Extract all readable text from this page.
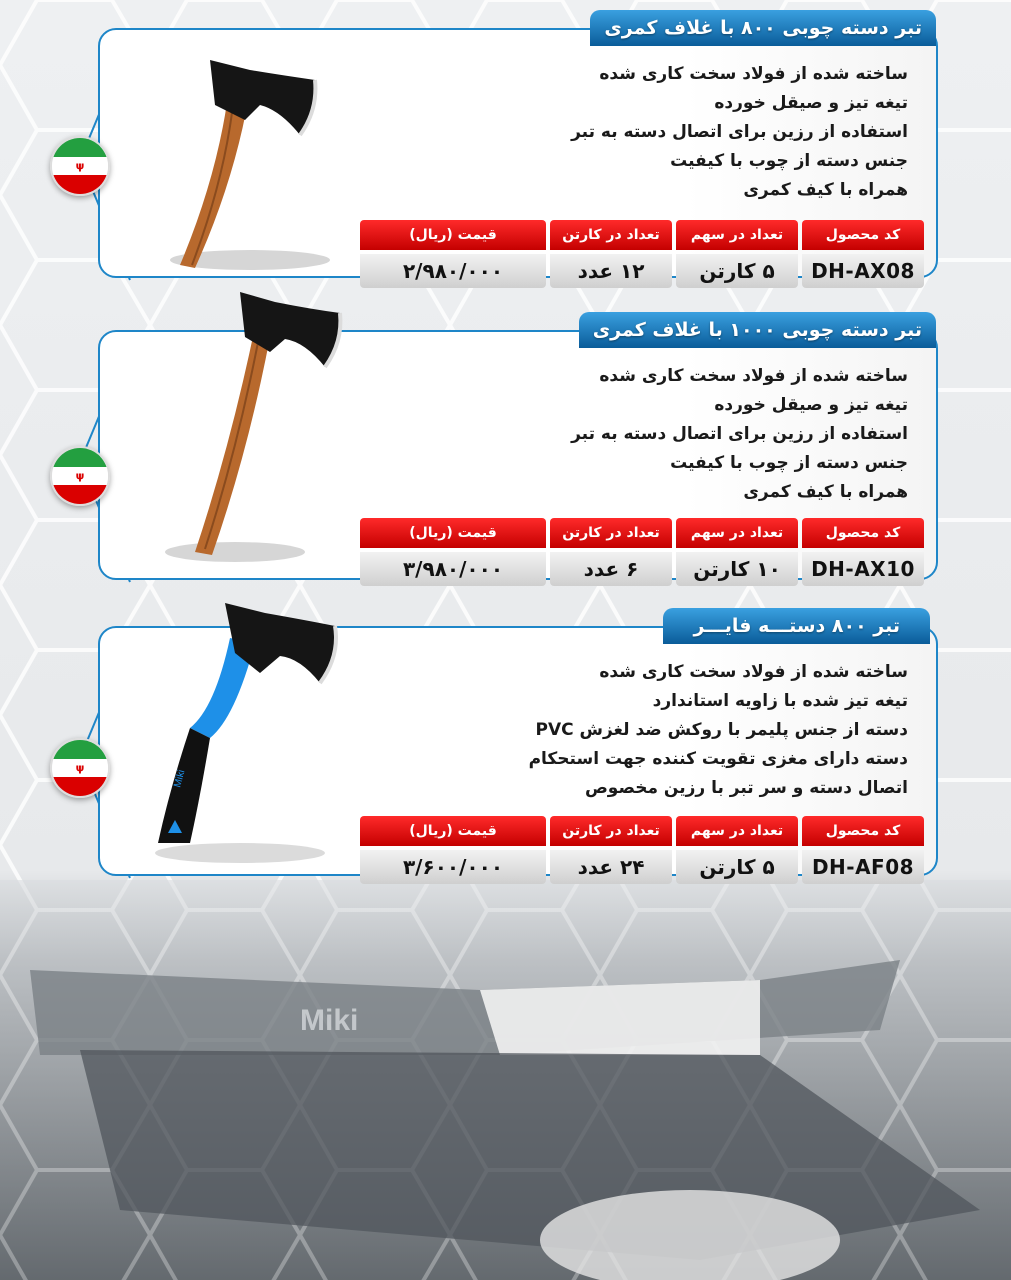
Miki
تبر دسته چوبی ۸۰۰ با غلاف کمری
ψ
ساخته شده از فولاد سخت کاری شده
تیغه تیز و صیقل خورده
استفاده از رزین برای اتصال دسته به تبر
جنس دسته از چوب با کیفیت
همراه با کیف کمری
کد محصول
تعداد در سهم
تعداد در کارتن
قیمت (ریال)
DH-AX08
۵ کارتن
۱۲ عدد
۲/۹۸۰/۰۰۰
تبر دسته چوبی ۱۰۰۰ با غلاف کمری
ψ
ساخته شده از فولاد سخت کاری شده
تیغه تیز و صیقل خورده
استفاده از رزین برای اتصال دسته به تبر
جنس دسته از چوب با کیفیت
همراه با کیف کمری
کد محصول
تعداد در سهم
تعداد در کارتن
قیمت (ریال)
DH-AX10
۱۰ کارتن
۶ عدد
۳/۹۸۰/۰۰۰
تبر ۸۰۰ دستـــه فایـــر
ψ
Miki
ساخته شده از فولاد سخت کاری شده
تیغه تیز شده با زاویه استاندارد
دسته از جنس پلیمر با روکش ضد لغزش PVC
دسته دارای مغزی تقویت کننده جهت استحکام
اتصال دسته و سر تبر با رزین مخصوص
کد محصول
تعداد در سهم
تعداد در کارتن
قیمت (ریال)
DH-AF08
۵ کارتن
۲۴ عدد
۳/۶۰۰/۰۰۰
